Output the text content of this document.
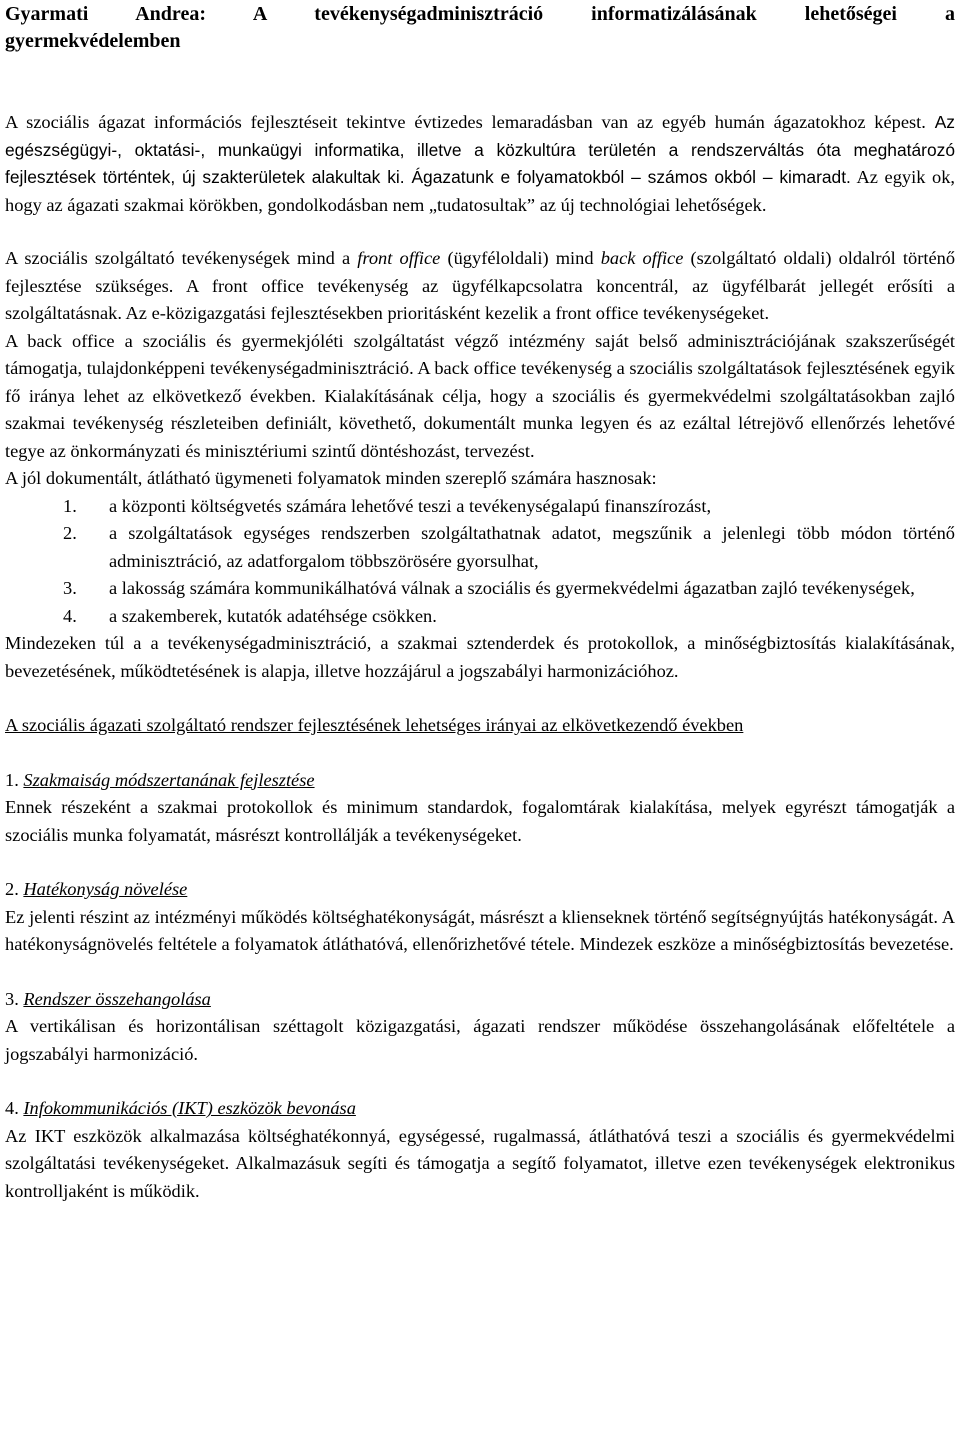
Gyarmati Andrea: A tevékenységadminisztráció informatizálásának lehetőségei a
gyermekvédelemben

A szociális ágazat információs fejlesztéseit tekintve évtizedes lemaradásban van az egyéb humán ágazatokhoz képest. Az egészségügyi-, oktatási-, munkaügyi informatika, illetve a közkultúra területén a rendszerváltás óta meghatározó fejlesztések történtek, új szakterületek alakultak ki. Ágazatunk e folyamatokból – számos okból – kimaradt. Az egyik ok, hogy az ágazati szakmai körökben, gondolkodásban nem „tudatosultak” az új technológiai lehetőségek.

A szociális szolgáltató tevékenységek mind a front office (ügyféloldali) mind back office (szolgáltató oldali) oldalról történő fejlesztése szükséges. A front office tevékenység az ügyfélkapcsolatra koncentrál, az ügyfélbarát jellegét erősíti a szolgáltatásnak. Az e-közigazgatási fejlesztésekben prioritásként kezelik a front office tevékenységeket.

A back office a szociális és gyermekjóléti szolgáltatást végző intézmény saját belső adminisztrációjának szakszerűségét támogatja, tulajdonképpeni tevékenységadminisztráció. A back office tevékenység a szociális szolgáltatások fejlesztésének egyik fő iránya lehet az elkövetkező években. Kialakításának célja, hogy a szociális és gyermekvédelmi szolgáltatásokban zajló szakmai tevékenység részleteiben definiált, követhető, dokumentált munka legyen és az ezáltal létrejövő ellenőrzés lehetővé tegye az önkormányzati és minisztériumi szintű döntéshozást, tervezést.

A jól dokumentált, átlátható ügymeneti folyamatok minden szereplő számára hasznosak:

1.	a központi költségvetés számára lehetővé teszi a tevékenységalapú finanszírozást,
2.	a szolgáltatások egységes rendszerben szolgáltathatnak adatot, megszűnik a jelenlegi több módon történő adminisztráció, az adatforgalom többszörösére gyorsulhat,
3.	a lakosság számára kommunikálhatóvá válnak a szociális és gyermekvédelmi ágazatban zajló tevékenységek,
4.	a szakemberek, kutatók adatéhsége csökken.

Mindezeken túl a a tevékenységadminisztráció, a szakmai sztenderdek és protokollok, a minőségbiztosítás kialakításának, bevezetésének, működtetésének is alapja, illetve hozzájárul a jogszabályi harmonizációhoz.

A szociális ágazati szolgáltató rendszer fejlesztésének lehetséges irányai az elkövetkezendő években

1. Szakmaiság módszertanának fejlesztése

Ennek részeként a szakmai protokollok és minimum standardok, fogalomtárak kialakítása, melyek egyrészt támogatják a szociális munka folyamatát, másrészt kontrollálják a tevékenységeket.

2. Hatékonyság növelése

Ez jelenti részint az intézményi működés költséghatékonyságát, másrészt a klienseknek történő segítségnyújtás hatékonyságát. A hatékonyságnövelés feltétele a folyamatok átláthatóvá, ellenőrizhetővé tétele. Mindezek eszköze a minőségbiztosítás bevezetése.

3. Rendszer összehangolása

A vertikálisan és horizontálisan széttagolt közigazgatási, ágazati rendszer működése összehangolásának előfeltétele a jogszabályi harmonizáció.

4. Infokommunikációs (IKT) eszközök bevonása

Az IKT eszközök alkalmazása költséghatékonnyá, egységessé, rugalmassá, átláthatóvá teszi a szociális és gyermekvédelmi szolgáltatási tevékenységeket. Alkalmazásuk segíti és támogatja a segítő folyamatot, illetve ezen tevékenységek elektronikus kontrolljaként is működik.
